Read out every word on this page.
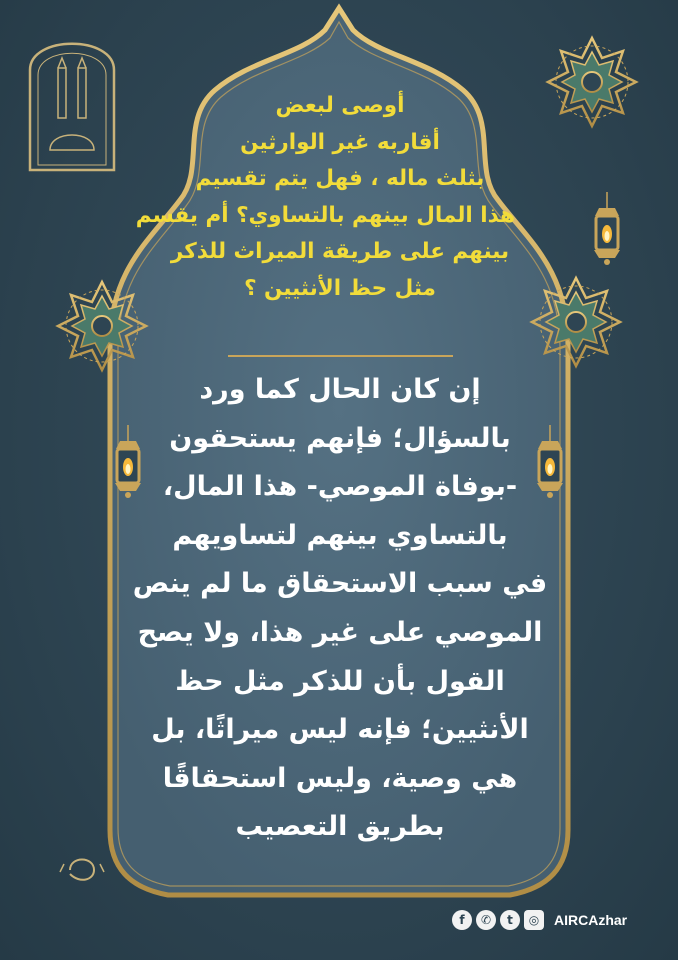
أوصى لبعض
أقاربه غير الوارثين
بثلث ماله ، فهل يتم تقسيم
هذا المال بينهم بالتساوي؟ أم يقسم
بينهم على طريقة الميراث للذكر
مثل حظ الأنثيين ؟
إن كان الحال كما ورد
بالسؤال؛ فإنهم يستحقون
-بوفاة الموصي- هذا المال،
بالتساوي بينهم لتساويهم
في سبب الاستحقاق ما لم ينص
الموصي على غير هذا، ولا يصح
القول بأن للذكر مثل حظ
الأنثيين؛ فإنه ليس ميراثًا، بل
هي وصية، وليس استحقاقًا
بطريق التعصيب
f	✆	t	◎	AIRCAzhar
